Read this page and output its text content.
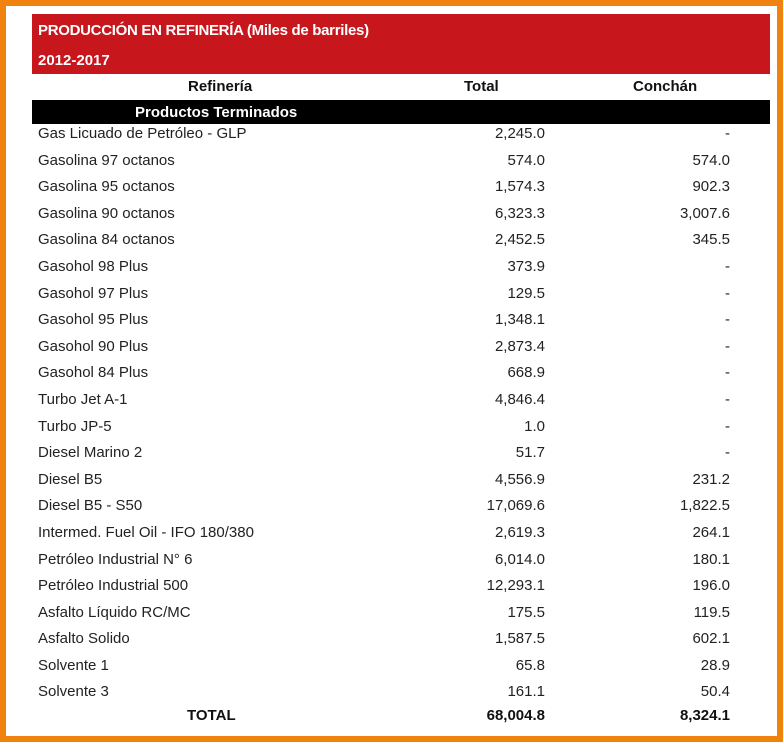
PRODUCCIÓN EN REFINERÍA (Miles de barriles)
2012-2017
Refinería	Total	Conchán
Productos Terminados
Gas Licuado de Petróleo - GLP	2,245.0	-
Gasolina 97 octanos	574.0	574.0
Gasolina 95 octanos	1,574.3	902.3
Gasolina 90 octanos	6,323.3	3,007.6
Gasolina 84 octanos	2,452.5	345.5
Gasohol 98 Plus	373.9	-
Gasohol 97 Plus	129.5	-
Gasohol 95 Plus	1,348.1	-
Gasohol 90 Plus	2,873.4	-
Gasohol 84 Plus	668.9	-
Turbo Jet A-1	4,846.4	-
Turbo JP-5	1.0	-
Diesel Marino 2	51.7	-
Diesel B5	4,556.9	231.2
Diesel B5 - S50	17,069.6	1,822.5
Intermed. Fuel Oil - IFO 180/380	2,619.3	264.1
Petróleo Industrial N° 6	6,014.0	180.1
Petróleo Industrial 500	12,293.1	196.0
Asfalto Líquido RC/MC	175.5	119.5
Asfalto Solido	1,587.5	602.1
Solvente 1	65.8	28.9
Solvente 3	161.1	50.4
TOTAL	68,004.8	8,324.1
